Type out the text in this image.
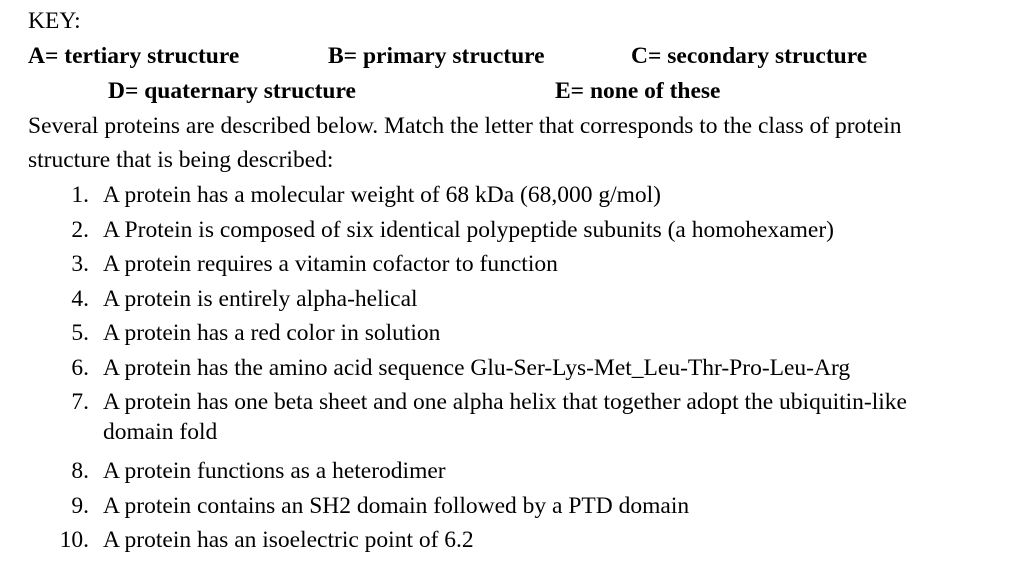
KEY:
A= tertiary structure	B= primary structure	C= secondary structure
D= quaternary structure	E= none of these
Several proteins are described below. Match the letter that corresponds to the class of protein
structure that is being described:
1. A protein has a molecular weight of 68 kDa (68,000 g/mol)
2. A Protein is composed of six identical polypeptide subunits (a homohexamer)
3. A protein requires a vitamin cofactor to function
4. A protein is entirely alpha-helical
5. A protein has a red color in solution
6. A protein has the amino acid sequence Glu-Ser-Lys-Met_Leu-Thr-Pro-Leu-Arg
7. A protein has one beta sheet and one alpha helix that together adopt the ubiquitin-like domain fold
8. A protein functions as a heterodimer
9. A protein contains an SH2 domain followed by a PTD domain
10. A protein has an isoelectric point of 6.2
